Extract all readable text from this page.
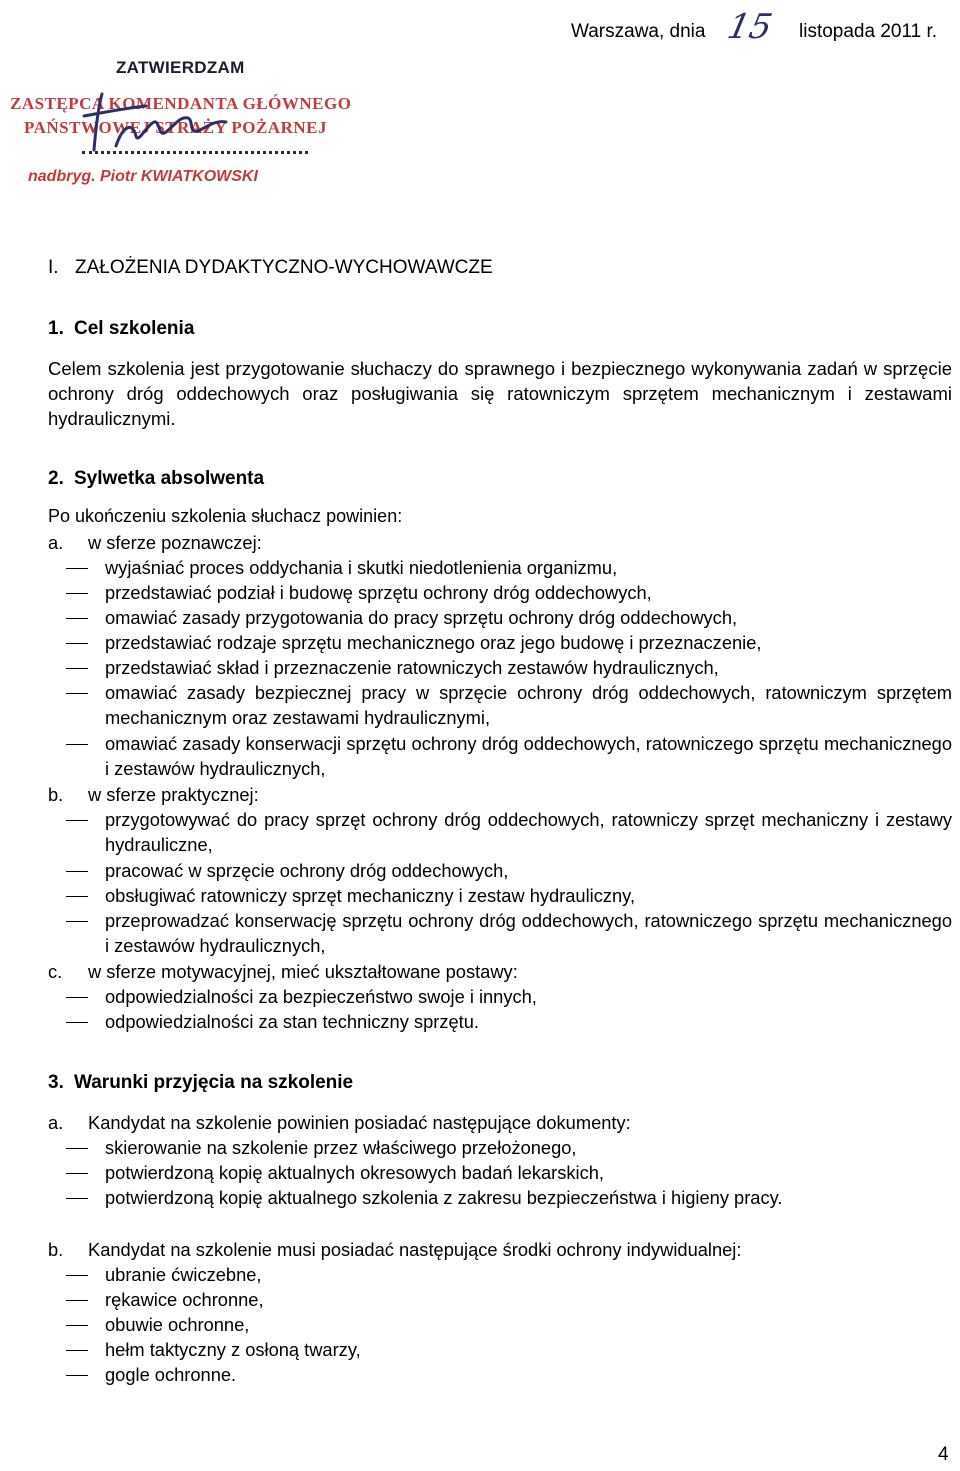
Warszawa, dnia 15 listopada 2011 r.
ZATWIERDZAM
ZASTĘPCA KOMENDANTA GŁÓWNEGO
PAŃSTWOWEJ STRAŻY POŻARNEJ
nadbryg. Piotr KWIATKOWSKI
I. ZAŁOŻENIA DYDAKTYCZNO-WYCHOWAWCZE
1. Cel szkolenia
Celem szkolenia jest przygotowanie słuchaczy do sprawnego i bezpiecznego wykonywania zadań w sprzęcie ochrony dróg oddechowych oraz posługiwania się ratowniczym sprzętem mechanicznym i zestawami hydraulicznymi.
2. Sylwetka absolwenta
Po ukończeniu szkolenia słuchacz powinien:
a. w sferze poznawczej:
wyjaśniać proces oddychania i skutki niedotlenienia organizmu,
przedstawiać podział i budowę sprzętu ochrony dróg oddechowych,
omawiać zasady przygotowania do pracy sprzętu ochrony dróg oddechowych,
przedstawiać rodzaje sprzętu mechanicznego oraz jego budowę i przeznaczenie,
przedstawiać skład i przeznaczenie ratowniczych zestawów hydraulicznych,
omawiać zasady bezpiecznej pracy w sprzęcie ochrony dróg oddechowych, ratowniczym sprzętem mechanicznym oraz zestawami hydraulicznymi,
omawiać zasady konserwacji sprzętu ochrony dróg oddechowych, ratowniczego sprzętu mechanicznego i zestawów hydraulicznych,
b. w sferze praktycznej:
przygotowywać do pracy sprzęt ochrony dróg oddechowych, ratowniczy sprzęt mechaniczny i zestawy hydrauliczne,
pracować w sprzęcie ochrony dróg oddechowych,
obsługiwać ratowniczy sprzęt mechaniczny i zestaw hydrauliczny,
przeprowadzać konserwację sprzętu ochrony dróg oddechowych, ratowniczego sprzętu mechanicznego i zestawów hydraulicznych,
c. w sferze motywacyjnej, mieć ukształtowane postawy:
odpowiedzialności za bezpieczeństwo swoje i innych,
odpowiedzialności za stan techniczny sprzętu.
3. Warunki przyjęcia na szkolenie
a. Kandydat na szkolenie powinien posiadać następujące dokumenty:
skierowanie na szkolenie przez właściwego przełożonego,
potwierdzoną kopię aktualnych okresowych badań lekarskich,
potwierdzoną kopię aktualnego szkolenia z zakresu bezpieczeństwa i higieny pracy.
b. Kandydat na szkolenie musi posiadać następujące środki ochrony indywidualnej:
ubranie ćwiczebne,
rękawice ochronne,
obuwie ochronne,
hełm taktyczny z osłoną twarzy,
gogle ochronne.
4
